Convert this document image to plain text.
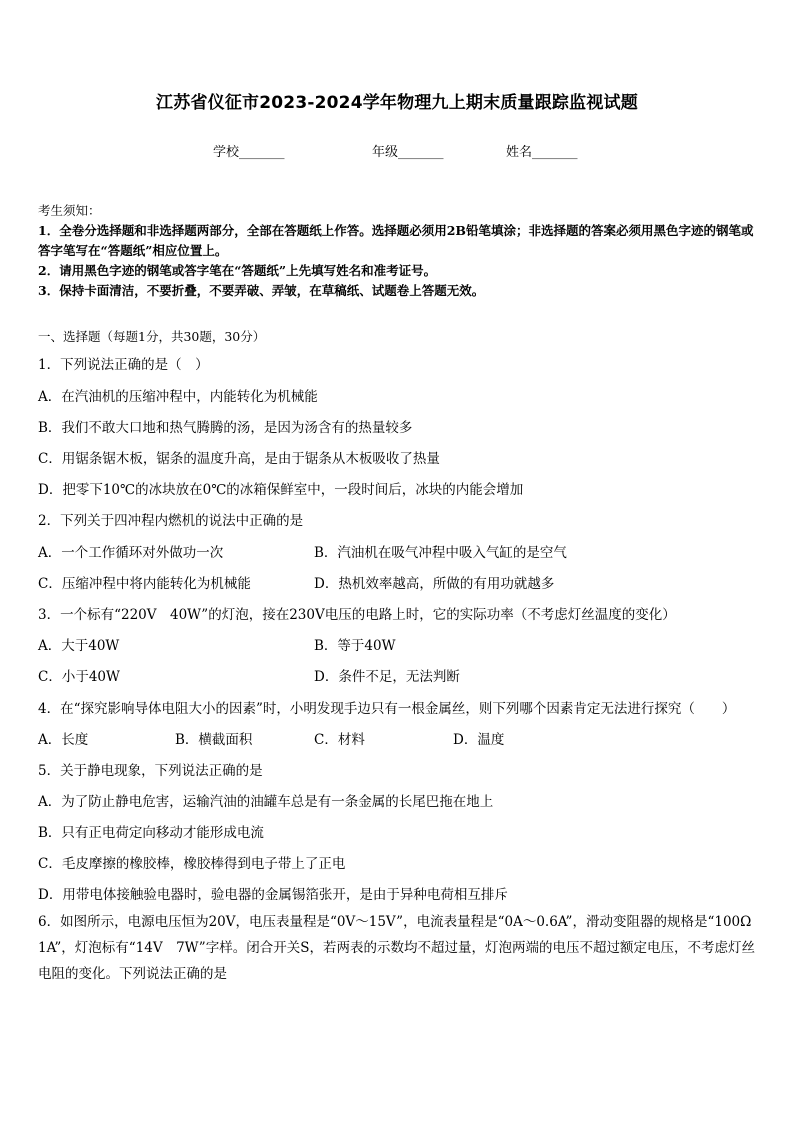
江苏省仪征市2023-2024学年物理九上期末质量跟踪监视试题
学校_______	年级_______	姓名_______
考生须知：
1．全卷分选择题和非选择题两部分，全部在答题纸上作答。选择题必须用2B铅笔填涂；非选择题的答案必须用黑色字迹的钢笔或答字笔写在“答题纸”相应位置上。
2．请用黑色字迹的钢笔或答字笔在“答题纸”上先填写姓名和准考证号。
3．保持卡面清洁，不要折叠，不要弄破、弄皱，在草稿纸、试题卷上答题无效。
一、选择题（每题1分，共30题，30分）
1．下列说法正确的是（　）
A．在汽油机的压缩冲程中，内能转化为机械能
B．我们不敢大口地和热气腾腾的汤，是因为汤含有的热量较多
C．用锯条锯木板，锯条的温度升高，是由于锯条从木板吸收了热量
D．把零下10℃的冰块放在0℃的冰箱保鲜室中，一段时间后，冰块的内能会增加
2．下列关于四冲程内燃机的说法中正确的是
A．一个工作循环对外做功一次	B．汽油机在吸气冲程中吸入气缸的是空气
C．压缩冲程中将内能转化为机械能	D．热机效率越高，所做的有用功就越多
3．一个标有“220V　40W”的灯泡，接在230V电压的电路上时，它的实际功率（不考虑灯丝温度的变化）
A．大于40W	B．等于40W
C．小于40W	D．条件不足，无法判断
4．在“探究影响导体电阻大小的因素”时，小明发现手边只有一根金属丝，则下列哪个因素肯定无法进行探究（　　）
A．长度	B．横截面积	C．材料	D．温度
5．关于静电现象，下列说法正确的是
A．为了防止静电危害，运输汽油的油罐车总是有一条金属的长尾巴拖在地上
B．只有正电荷定向移动才能形成电流
C．毛皮摩擦的橡胶棒，橡胶棒得到电子带上了正电
D．用带电体接触验电器时，验电器的金属锡箔张开，是由于异种电荷相互排斥
6．如图所示，电源电压恒为20V，电压表量程是“0V～15V”，电流表量程是“0A～0.6A”，滑动变阻器的规格是“100Ω　1A”，灯泡标有“14V　7W”字样。闭合开关S，若两表的示数均不超过量，灯泡两端的电压不超过额定电压，不考虑灯丝电阻的变化。下列说法正确的是
